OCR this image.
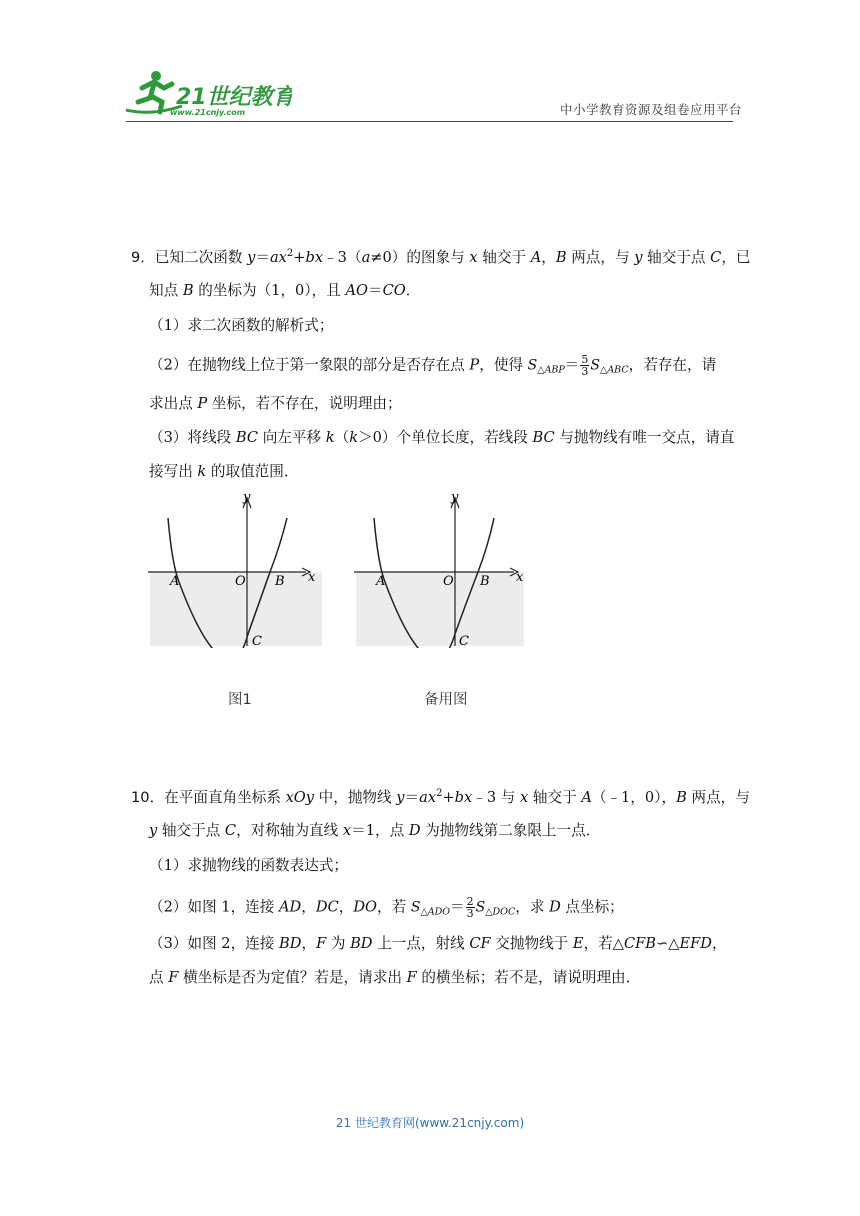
21世纪教育
www.21cnjy.com	中小学教育资源及组卷应用平台
9．已知二次函数 $y=ax^2+bx﹣3(a\ne 0)$的图象与 x 轴交于 A，B 两点，与 y 轴交于点 C，已
知点 B 的坐标为（1，0），且 AO＝CO．
（1）求二次函数的解析式；
（2）在抛物线上位于第一象限的部分是否存在点 P，使得 $S_{\triangle ABP}= \frac{5}{3} S_{\triangle ABC}$，若存在，请
求出点 P 坐标，若不存在，说明理由；
（3）将线段 BC 向左平移 k（k＞0）个单位长度，若线段 BC 与抛物线有唯一交点，请直
接写出 k 的取值范围．
y
x
A	O B
C
图1
y
x
A	O B
C
备用图
10．在平面直角坐标系 xOy 中，抛物线 $y=ax^2+bx﹣3$ 与 x 轴交于 A（﹣1，0），B 两点，与
y 轴交于点 C，对称轴为直线 x＝1，点 D 为抛物线第二象限上一点．
（1）求抛物线的函数表达式；
（2）如图 1，连接 AD，DC，DO，若 $S_{\triangle ADO}= \frac{2}{3} S_{\triangle DOC}$，求 D 点坐标；
（3）如图 2，连接 BD，F 为 BD 上一点，射线 CF 交抛物线于 E，若△CFB∽△EFD，
点 F 横坐标是否为定值？若是，请求出 F 的横坐标；若不是，请说明理由．
21 世纪教育网(www.21cnjy.com)
